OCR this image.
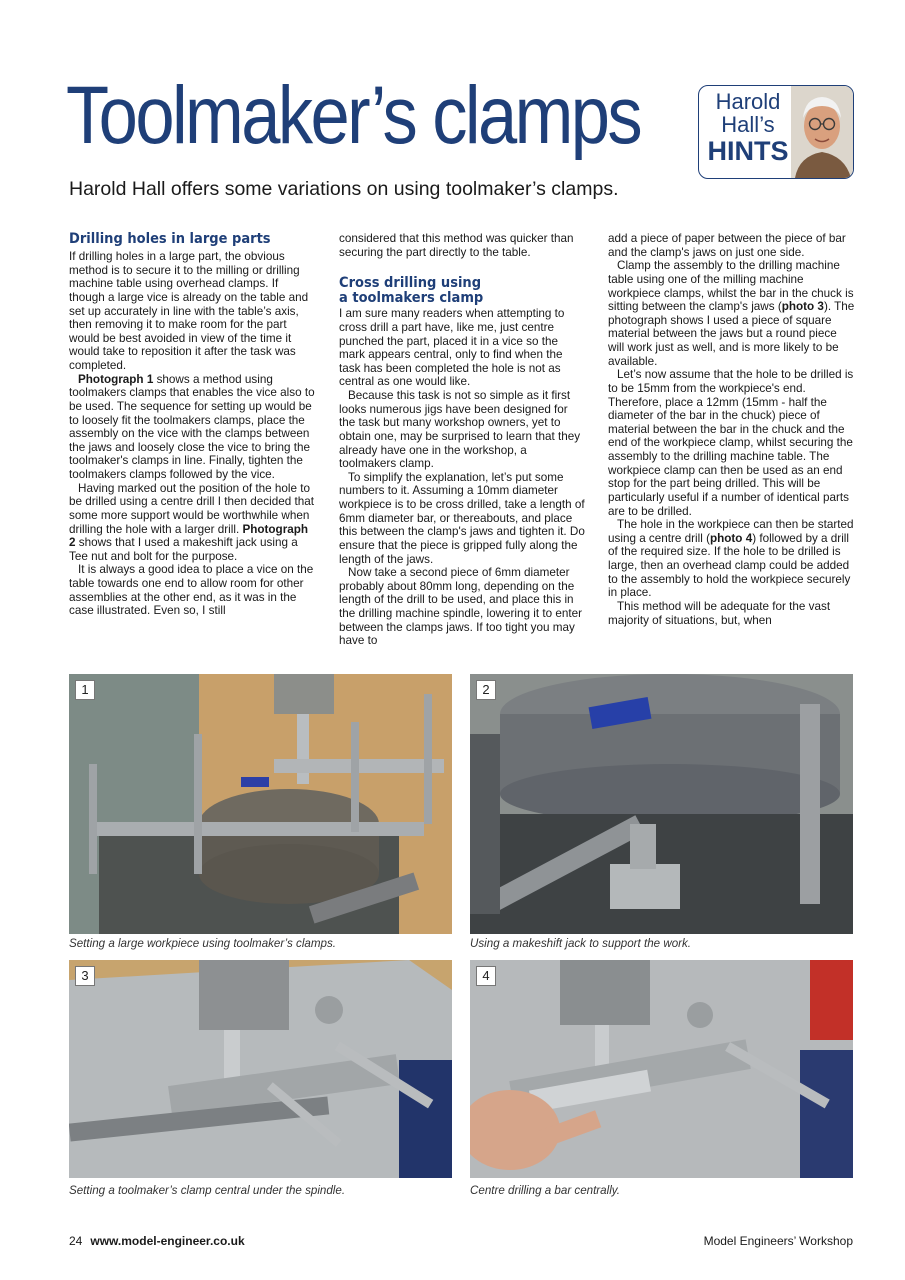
Toolmaker’s clamps	Harold
Hall’s
HINTS

Harold Hall offers some variations on using toolmaker’s clamps.

Drilling holes in large parts

If drilling holes in a large part, the obvious method is to secure it to the milling or drilling machine table using overhead clamps. If though a large vice is already on the table and set up accurately in line with the table’s axis, then removing it to make room for the part would be best avoided in view of the time it would take to reposition it after the task was completed.

Photograph 1 shows a method using toolmakers clamps that enables the vice also to be used. The sequence for setting up would be to loosely fit the toolmakers clamps, place the assembly on the vice with the clamps between the jaws and loosely close the vice to bring the toolmaker's clamps in line. Finally, tighten the toolmakers clamps followed by the vice.

Having marked out the position of the hole to be drilled using a centre drill I then decided that some more support would be worthwhile when drilling the hole with a larger drill. Photograph 2 shows that I used a makeshift jack using a Tee nut and bolt for the purpose.

It is always a good idea to place a vice on the table towards one end to allow room for other assemblies at the other end, as it was in the case illustrated. Even so, I still

considered that this method was quicker than securing the part directly to the table.

Cross drilling using
a toolmakers clamp

I am sure many readers when attempting to cross drill a part have, like me, just centre punched the part, placed it in a vice so the mark appears central, only to find when the task has been completed the hole is not as central as one would like.

Because this task is not so simple as it first looks numerous jigs have been designed for the task but many workshop owners, yet to obtain one, may be surprised to learn that they already have one in the workshop, a toolmakers clamp.

To simplify the explanation, let’s put some numbers to it. Assuming a 10mm diameter workpiece is to be cross drilled, take a length of 6mm diameter bar, or thereabouts, and place this between the clamp's jaws and tighten it. Do ensure that the piece is gripped fully along the length of the jaws.

Now take a second piece of 6mm diameter probably about 80mm long, depending on the length of the drill to be used, and place this in the drilling machine spindle, lowering it to enter between the clamps jaws. If too tight you may have to

add a piece of paper between the piece of bar and the clamp's jaws on just one side.

Clamp the assembly to the drilling machine table using one of the milling machine workpiece clamps, whilst the bar in the chuck is sitting between the clamp's jaws (photo 3). The photograph shows I used a piece of square material between the jaws but a round piece will work just as well, and is more likely to be available.

Let’s now assume that the hole to be drilled is to be 15mm from the workpiece's end. Therefore, place a 12mm (15mm - half the diameter of the bar in the chuck) piece of material between the bar in the chuck and the end of the workpiece clamp, whilst securing the assembly to the drilling machine table. The workpiece clamp can then be used as an end stop for the part being drilled. This will be particularly useful if a number of identical parts are to be drilled.

The hole in the workpiece can then be started using a centre drill (photo 4) followed by a drill of the required size. If the hole to be drilled is large, then an overhead clamp could be added to the assembly to hold the workpiece securely in place.

This method will be adequate for the vast majority of situations, but, when

1
Setting a large workpiece using toolmaker’s clamps.
2
Using a makeshift jack to support the work.
3
Setting a toolmaker’s clamp central under the spindle.
4
Centre drilling a bar centrally.
24 www.model-engineer.co.uk	Model Engineers’ Workshop
